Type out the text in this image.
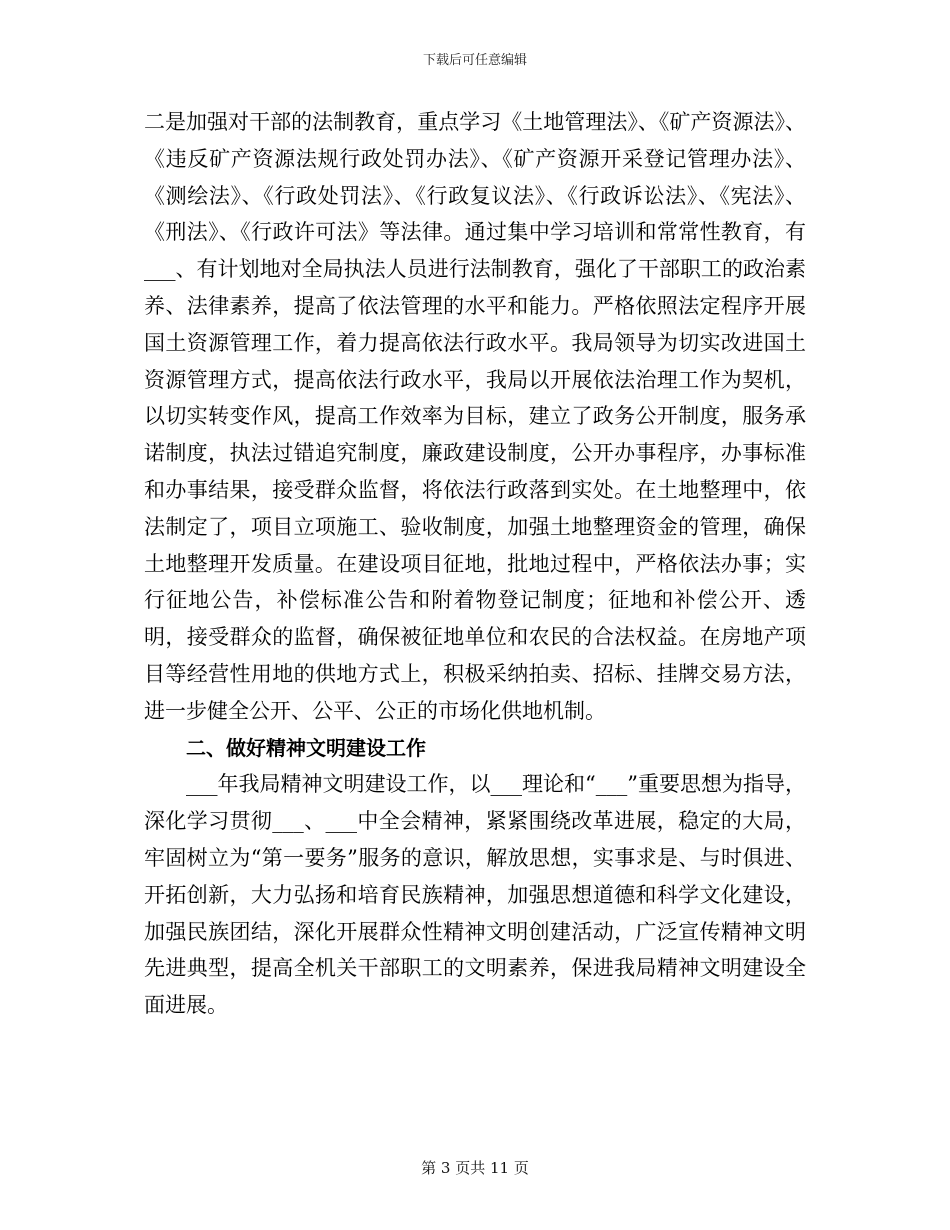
下载后可任意编辑

二是加强对干部的法制教育，重点学习《土地管理法》、《矿产资源法》、《违反矿产资源法规行政处罚办法》、《矿产资源开采登记管理办法》、《测绘法》、《行政处罚法》、《行政复议法》、《行政诉讼法》、《宪法》、《刑法》、《行政许可法》等法律。通过集中学习培训和常常性教育，有___、有计划地对全局执法人员进行法制教育，强化了干部职工的政治素养、法律素养，提高了依法管理的水平和能力。严格依照法定程序开展国土资源管理工作，着力提高依法行政水平。我局领导为切实改进国土资源管理方式，提高依法行政水平，我局以开展依法治理工作为契机，以切实转变作风，提高工作效率为目标，建立了政务公开制度，服务承诺制度，执法过错追究制度，廉政建设制度，公开办事程序，办事标准和办事结果，接受群众监督，将依法行政落到实处。在土地整理中，依法制定了，项目立项施工、验收制度，加强土地整理资金的管理，确保土地整理开发质量。在建设项目征地，批地过程中，严格依法办事；实行征地公告，补偿标准公告和附着物登记制度；征地和补偿公开、透明，接受群众的监督，确保被征地单位和农民的合法权益。在房地产项目等经营性用地的供地方式上，积极采纳拍卖、招标、挂牌交易方法，进一步健全公开、公平、公正的市场化供地机制。

二、做好精神文明建设工作

___年我局精神文明建设工作，以___理论和“___”重要思想为指导，深化学习贯彻___、___中全会精神，紧紧围绕改革进展，稳定的大局，牢固树立为“第一要务”服务的意识，解放思想，实事求是、与时俱进、开拓创新，大力弘扬和培育民族精神，加强思想道德和科学文化建设，加强民族团结，深化开展群众性精神文明创建活动，广泛宣传精神文明先进典型，提高全机关干部职工的文明素养，保进我局精神文明建设全面进展。

第 3 页共 11 页
